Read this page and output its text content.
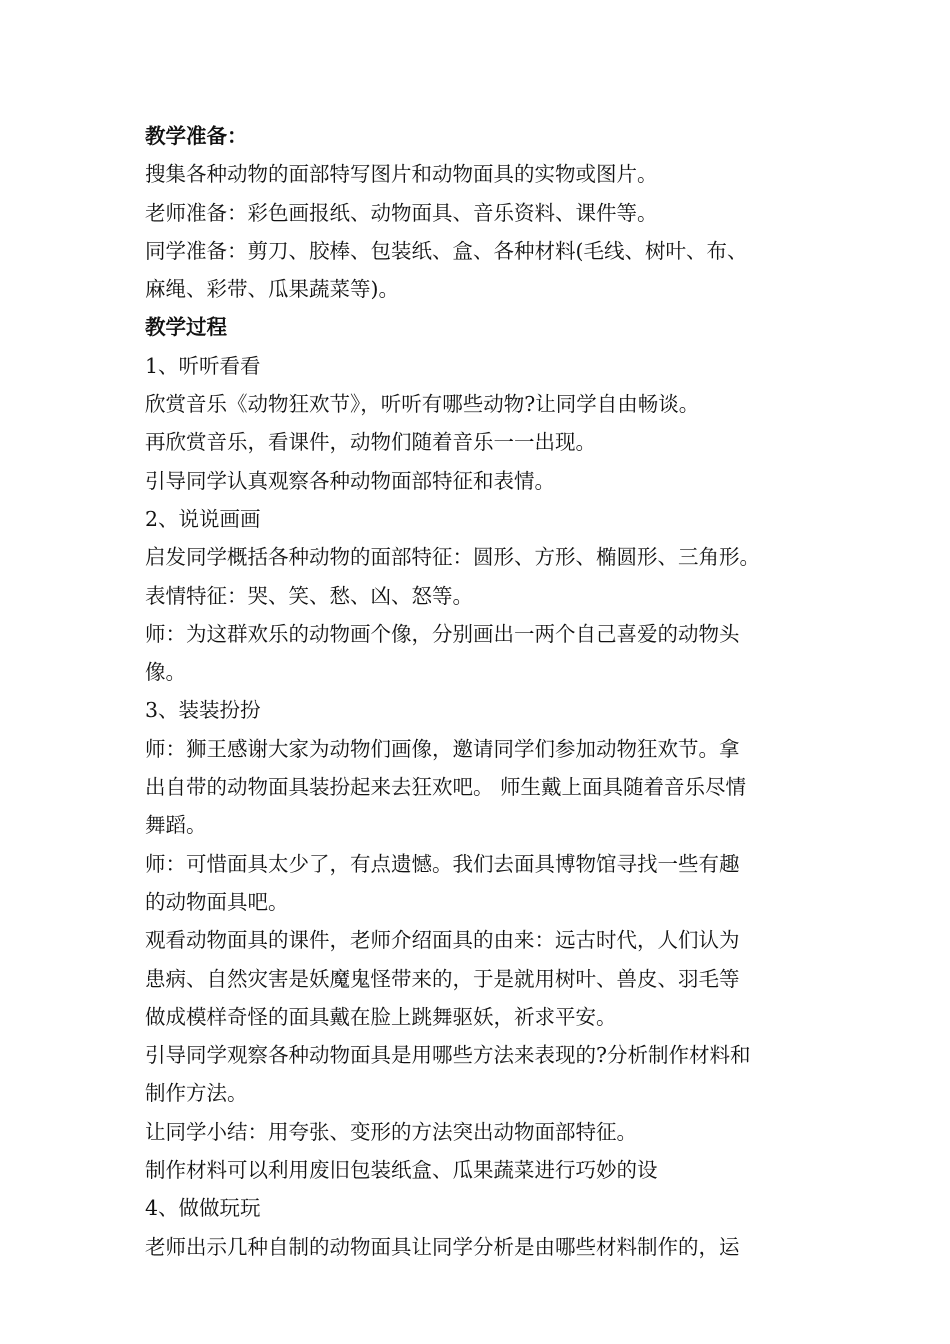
教学准备：
搜集各种动物的面部特写图片和动物面具的实物或图片。
老师准备：彩色画报纸、动物面具、音乐资料、课件等。
同学准备：剪刀、胶棒、包装纸、盒、各种材料(毛线、树叶、布、
麻绳、彩带、瓜果蔬菜等)。
教学过程
1、听听看看
欣赏音乐《动物狂欢节》，听听有哪些动物?让同学自由畅谈。
再欣赏音乐，看课件，动物们随着音乐一一出现。
引导同学认真观察各种动物面部特征和表情。
2、说说画画
启发同学概括各种动物的面部特征：圆形、方形、椭圆形、三角形。
表情特征：哭、笑、愁、凶、怒等。
师：为这群欢乐的动物画个像，分别画出一两个自己喜爱的动物头
像。
3、装装扮扮
师：狮王感谢大家为动物们画像，邀请同学们参加动物狂欢节。拿
出自带的动物面具装扮起来去狂欢吧。 师生戴上面具随着音乐尽情
舞蹈。
师：可惜面具太少了，有点遗憾。我们去面具博物馆寻找一些有趣
的动物面具吧。
观看动物面具的课件，老师介绍面具的由来：远古时代，人们认为
患病、自然灾害是妖魔鬼怪带来的，于是就用树叶、兽皮、羽毛等
做成模样奇怪的面具戴在脸上跳舞驱妖，祈求平安。
引导同学观察各种动物面具是用哪些方法来表现的?分析制作材料和
制作方法。
让同学小结：用夸张、变形的方法突出动物面部特征。
制作材料可以利用废旧包装纸盒、瓜果蔬菜进行巧妙的设
4、做做玩玩
老师出示几种自制的动物面具让同学分析是由哪些材料制作的，运
